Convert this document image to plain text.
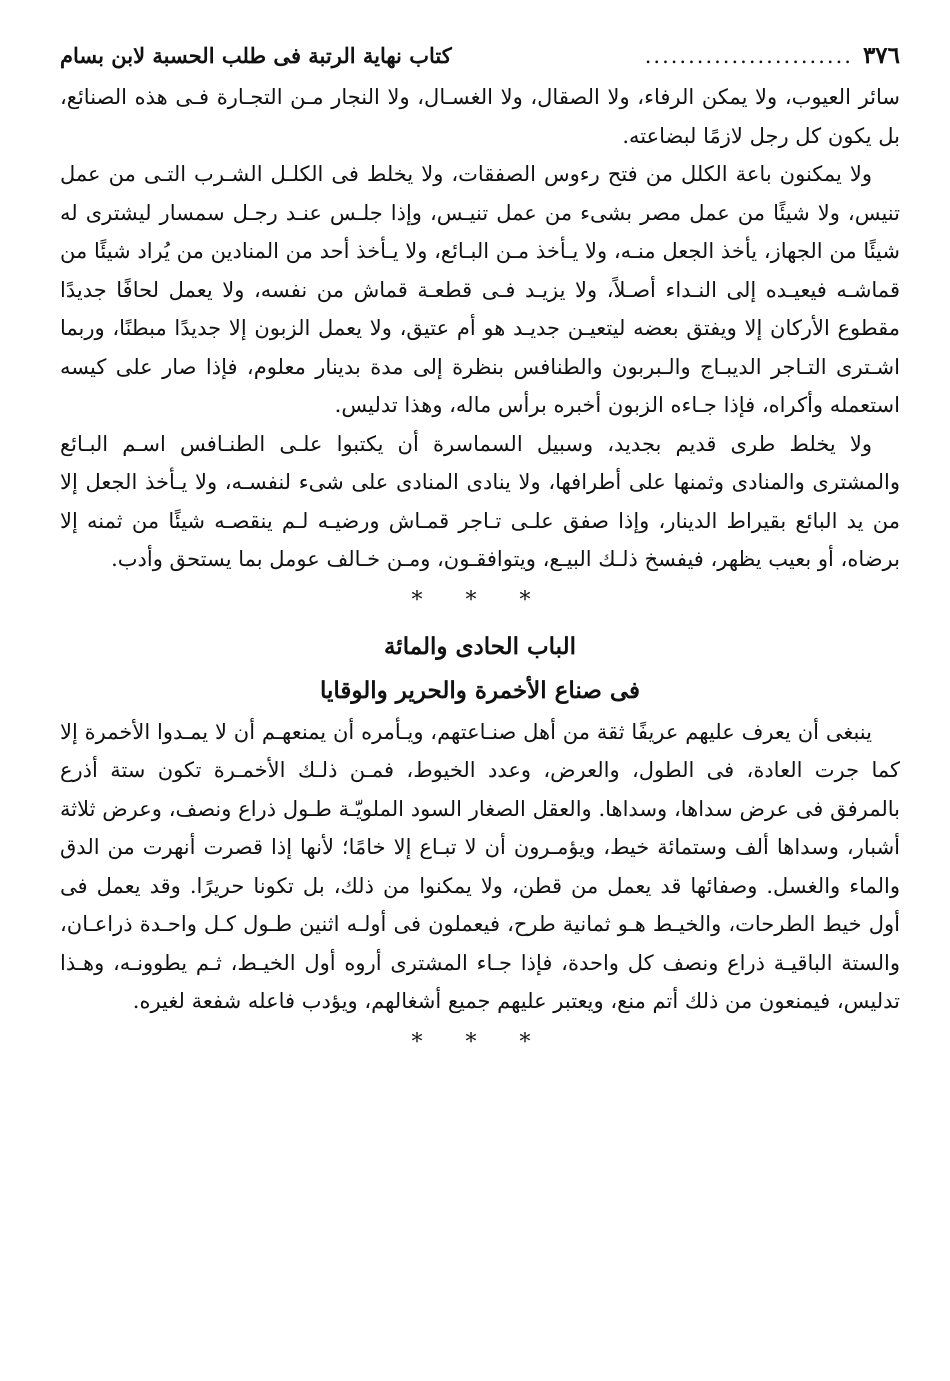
٣٧٦
........................
كتاب نهاية الرتبة فى طلب الحسبة لابن بسام

سائر العيوب، ولا يمكن الرفاء، ولا الصقال، ولا الغسـال، ولا النجار مـن التجـارة فـى هذه الصنائع، بل يكون كل رجل لازمًا لبضاعته.

ولا يمكنون باعة الكلل من فتح رءوس الصفقات، ولا يخلط فى الكلـل الشـرب التـى من عمل تنيس، ولا شيئًا من عمل مصر بشىء من عمل تنيـس، وإذا جلـس عنـد رجـل سمسار ليشترى له شيئًا من الجهاز، يأخذ الجعل منـه، ولا يـأخذ مـن البـائع، ولا يـأخذ أحد من المنادين من يُراد شيئًا من قماشـه فيعيـده إلى النـداء أصـلاً، ولا يزيـد فـى قطعـة قماش من نفسه، ولا يعمل لحافًا جديدًا مقطوع الأركان إلا ويفتق بعضه ليتعيـن جديـد هو أم عتيق، ولا يعمل الزبون إلا جديدًا مبطنًا، وربما اشـترى التـاجر الديبـاج والـبربون والطنافس بنظرة إلى مدة بدينار معلوم، فإذا صار على كيسه استعمله وأكراه، فإذا جـاءه الزبون أخبره برأس ماله، وهذا تدليس.

ولا يخلط طرى قديم بجديد، وسبيل السماسرة أن يكتبوا علـى الطنـافس اسـم البـائع والمشترى والمنادى وثمنها على أطرافها، ولا ينادى المنادى على شىء لنفسـه، ولا يـأخذ الجعل إلا من يد البائع بقيراط الدينار، وإذا صفق علـى تـاجر قمـاش ورضيـه لـم ينقصـه شيئًا من ثمنه إلا برضاه، أو بعيب يظهر، فيفسخ ذلـك البيـع، ويتوافقـون، ومـن خـالف عومل بما يستحق وأدب.

* * *
الباب الحادى والمائة
فى صناع الأخمرة والحرير والوقايا

ينبغى أن يعرف عليهم عريفًا ثقة من أهل صنـاعتهم، ويـأمره أن يمنعهـم أن لا يمـدوا الأخمرة إلا كما جرت العادة، فى الطول، والعرض، وعدد الخيوط، فمـن ذلـك الأخمـرة تكون ستة أذرع بالمرفق فى عرض سداها، وسداها. والعقل الصغار السود الملويّـة طـول ذراع ونصف، وعرض ثلاثة أشبار، وسداها ألف وستمائة خيط، ويؤمـرون أن لا تبـاع إلا خامًا؛ لأنها إذا قصرت أنهرت من الدق والماء والغسل. وصفائها قد يعمل من قطن، ولا يمكنوا من ذلك، بل تكونا حريرًا. وقد يعمل فى أول خيط الطرحات، والخيـط هـو ثمانية طرح، فيعملون فى أولـه اثنين طـول كـل واحـدة ذراعـان، والستة الباقيـة ذراع ونصف كل واحدة، فإذا جـاء المشترى أروه أول الخيـط، ثـم يطوونـه، وهـذا تدليس، فيمنعون من ذلك أتم منع، ويعتبر عليهم جميع أشغالهم، ويؤدب فاعله شفعة لغيره.

* * *
